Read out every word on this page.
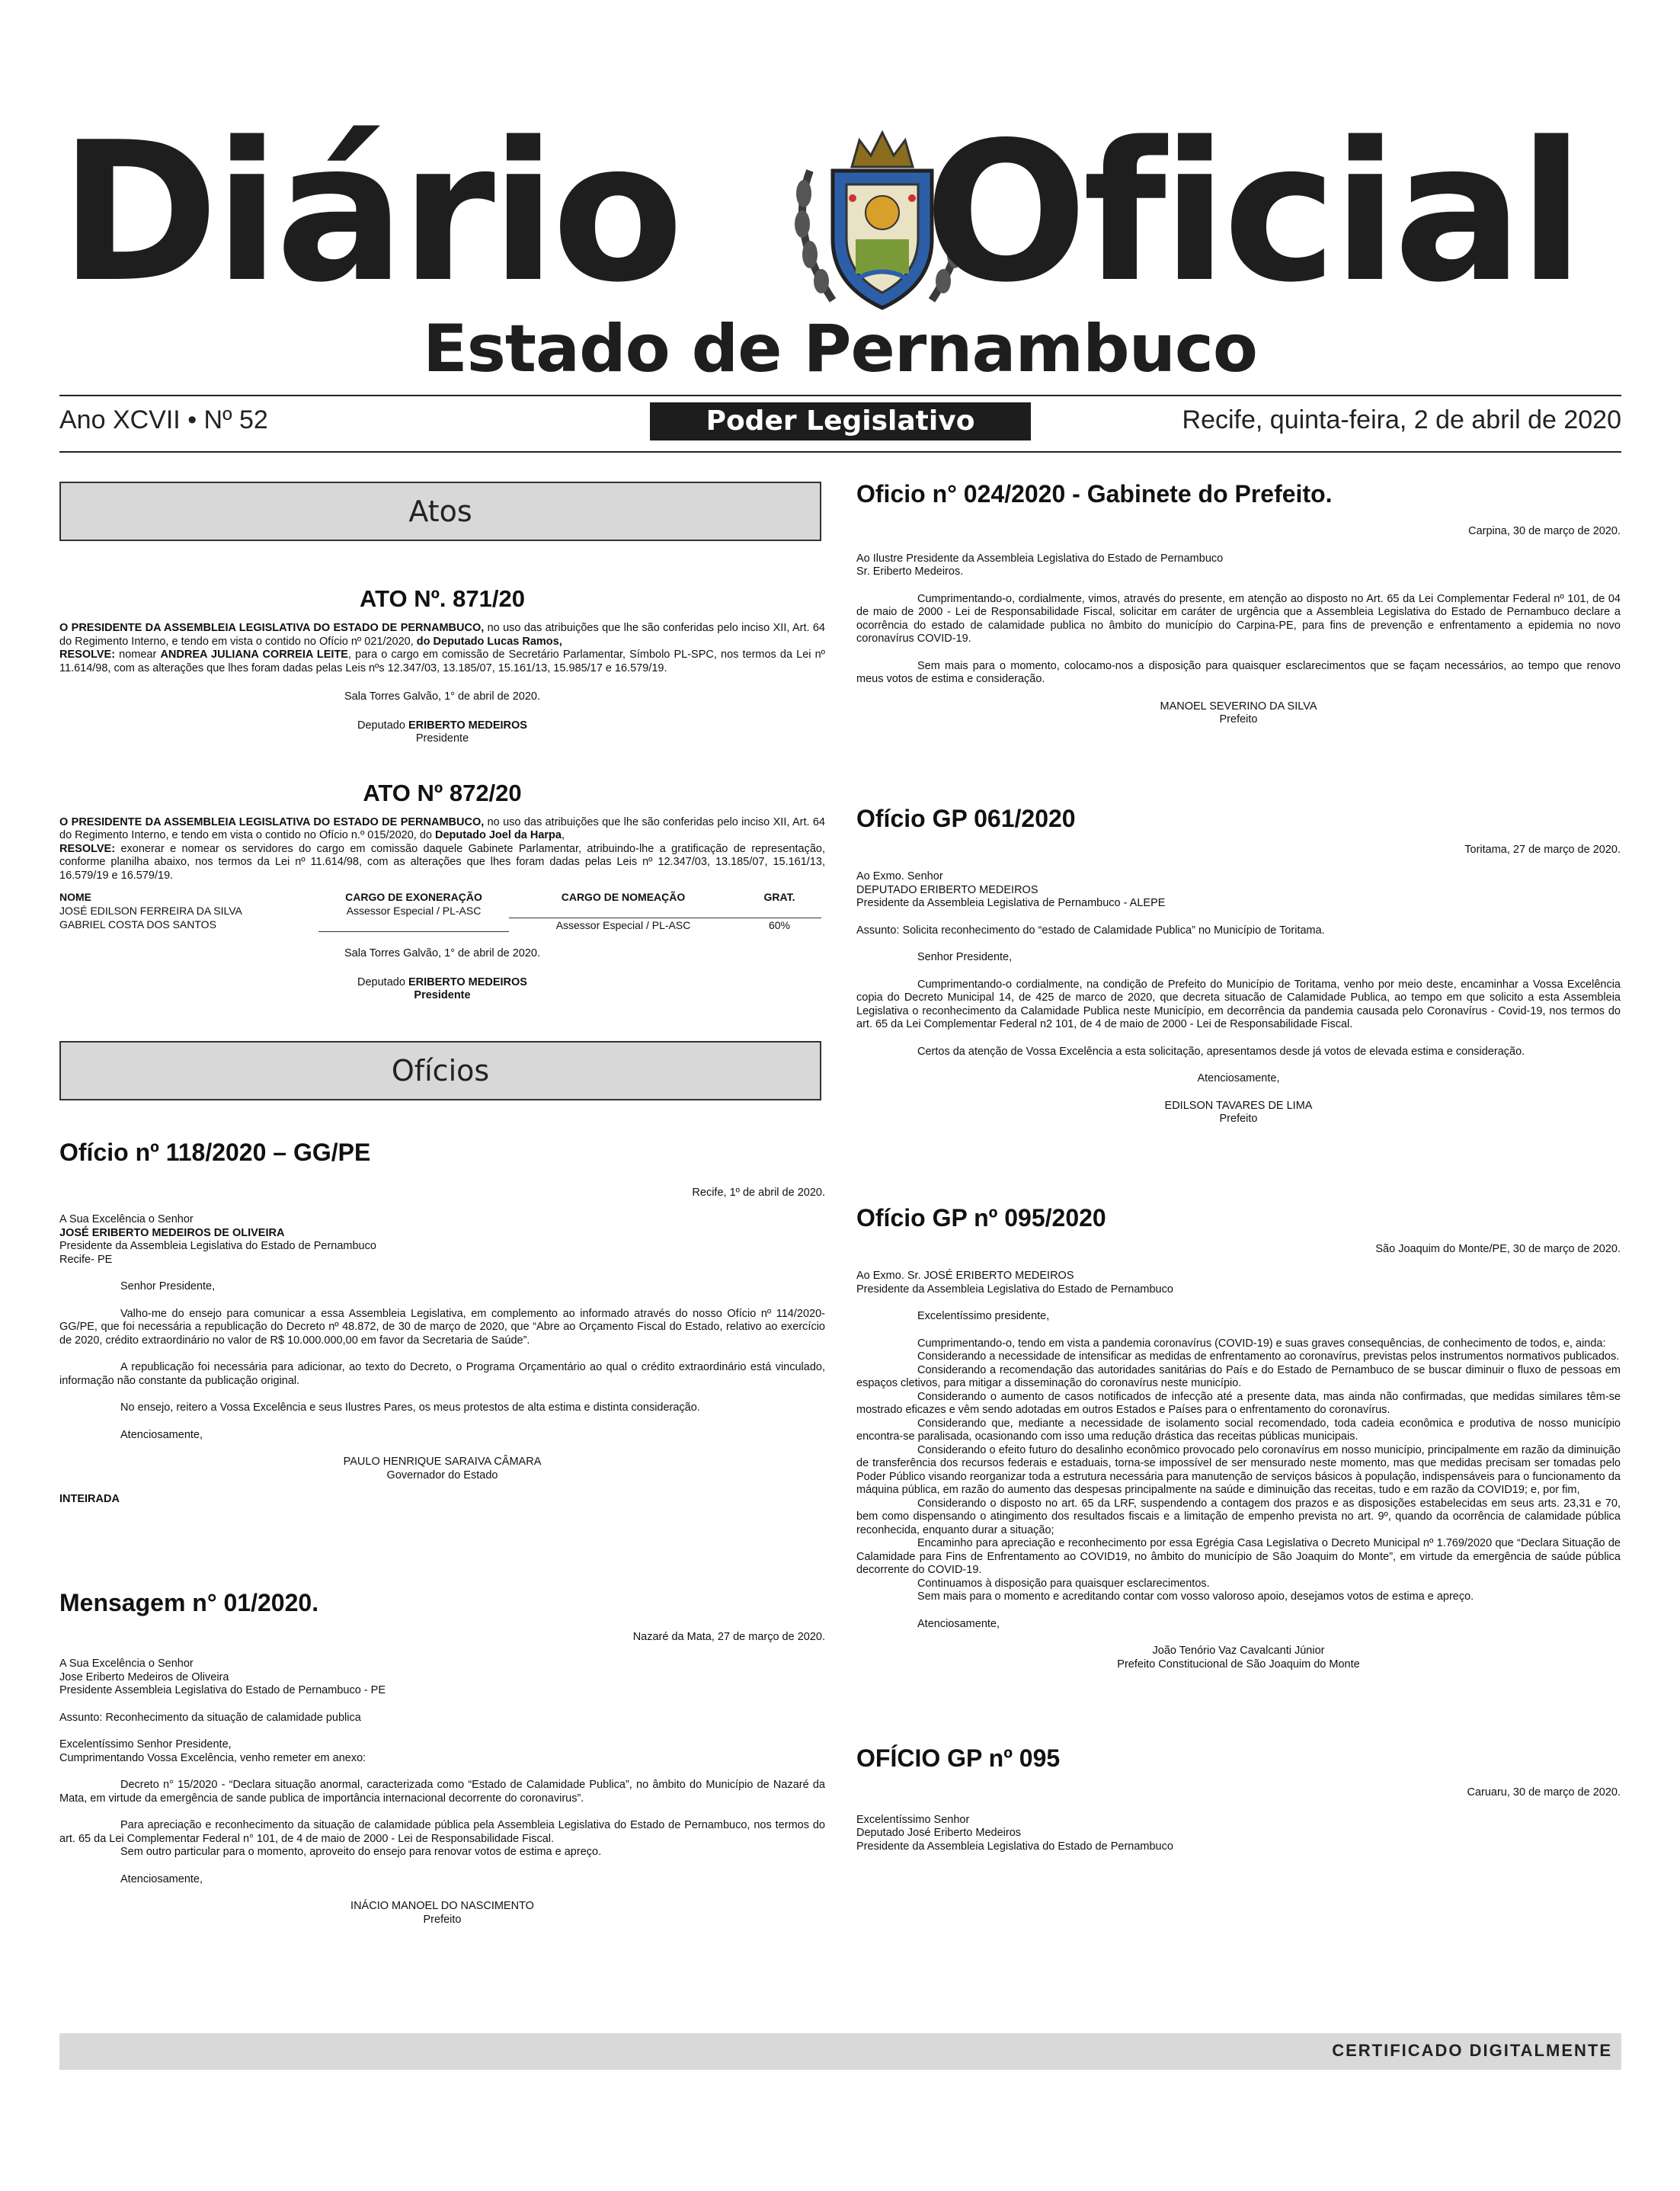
Diário Oficial
Estado de Pernambuco
Ano XCVII • Nº 52	Poder Legislativo	Recife, quinta-feira, 2 de abril de 2020
Atos
ATO Nº. 871/20

O PRESIDENTE DA ASSEMBLEIA LEGISLATIVA DO ESTADO DE PERNAMBUCO, no uso das atribuições que lhe são conferidas pelo inciso XII, Art. 64 do Regimento Interno, e tendo em vista o contido no Ofício nº 021/2020, do Deputado Lucas Ramos,

RESOLVE: nomear ANDREA JULIANA CORREIA LEITE, para o cargo em comissão de Secretário Parlamentar, Símbolo PL-SPC, nos termos da Lei nº 11.614/98, com as alterações que lhes foram dadas pelas Leis nºs 12.347/03, 13.185/07, 15.161/13, 15.985/17 e 16.579/19.

Sala Torres Galvão, 1° de abril de 2020.

Deputado ERIBERTO MEDEIROS

Presidente

ATO Nº 872/20

O PRESIDENTE DA ASSEMBLEIA LEGISLATIVA DO ESTADO DE PERNAMBUCO, no uso das atribuições que lhe são conferidas pelo inciso XII, Art. 64 do Regimento Interno, e tendo em vista o contido no Ofício n.º 015/2020, do Deputado Joel da Harpa,

RESOLVE: exonerar e nomear os servidores do cargo em comissão daquele Gabinete Parlamentar, atribuindo-lhe a gratificação de representação, conforme planilha abaixo, nos termos da Lei nº 11.614/98, com as alterações que lhes foram dadas pelas Leis nº 12.347/03, 13.185/07, 15.161/13, 16.579/19 e 16.579/19.

NOME	CARGO DE EXONERAÇÃO	CARGO DE NOMEAÇÃO	GRAT.
JOSÉ EDILSON FERREIRA DA SILVA	Assessor Especial / PL-ASC		
GABRIEL COSTA DOS SANTOS		Assessor Especial / PL-ASC	60%

Sala Torres Galvão, 1° de abril de 2020.

Deputado ERIBERTO MEDEIROS

Presidente

Ofícios
Ofício nº 118/2020 – GG/PE

Recife, 1º de abril de 2020.

A Sua Excelência o Senhor

JOSÉ ERIBERTO MEDEIROS DE OLIVEIRA

Presidente da Assembleia Legislativa do Estado de Pernambuco

Recife- PE

Senhor Presidente,

Valho-me do ensejo para comunicar a essa Assembleia Legislativa, em complemento ao informado através do nosso Ofício nº 114/2020-GG/PE, que foi necessária a republicação do Decreto nº 48.872, de 30 de março de 2020, que “Abre ao Orçamento Fiscal do Estado, relativo ao exercício de 2020, crédito extraordinário no valor de R$ 10.000.000,00 em favor da Secretaria de Saúde”.

A republicação foi necessária para adicionar, ao texto do Decreto, o Programa Orçamentário ao qual o crédito extraordinário está vinculado, informação não constante da publicação original.

No ensejo, reitero a Vossa Excelência e seus Ilustres Pares, os meus protestos de alta estima e distinta consideração.

Atenciosamente,

PAULO HENRIQUE SARAIVA CÂMARA

Governador do Estado

INTEIRADA

Mensagem n° 01/2020.

Nazaré da Mata, 27 de março de 2020.

A Sua Excelência o Senhor

Jose Eriberto Medeiros de Oliveira

Presidente Assembleia Legislativa do Estado de Pernambuco - PE

Assunto: Reconhecimento da situação de calamidade publica

Excelentíssimo Senhor Presidente,

Cumprimentando Vossa Excelência, venho remeter em anexo:

Decreto n° 15/2020 - “Declara situação anormal, caracterizada como “Estado de Calamidade Publica”, no âmbito do Município de Nazaré da Mata, em virtude da emergência de sande publica de importância internacional decorrente do coronavirus”.

Para apreciação e reconhecimento da situação de calamidade pública pela Assembleia Legislativa do Estado de Pernambuco, nos termos do art. 65 da Lei Complementar Federal n° 101, de 4 de maio de 2000 - Lei de Responsabilidade Fiscal.

Sem outro particular para o momento, aproveito do ensejo para renovar votos de estima e apreço.

Atenciosamente,

INÁCIO MANOEL DO NASCIMENTO

Prefeito

Oficio n° 024/2020 - Gabinete do Prefeito.

Carpina, 30 de março de 2020.

Ao Ilustre Presidente da Assembleia Legislativa do Estado de Pernambuco

Sr. Eriberto Medeiros.

Cumprimentando-o, cordialmente, vimos, através do presente, em atenção ao disposto no Art. 65 da Lei Complementar Federal nº 101, de 04 de maio de 2000 - Lei de Responsabilidade Fiscal, solicitar em caráter de urgência que a Assembleia Legislativa do Estado de Pernambuco declare a ocorrência do estado de calamidade publica no âmbito do município do Carpina-PE, para fins de prevenção e enfrentamento a epidemia no novo coronavírus COVID-19.

Sem mais para o momento, colocamo-nos a disposição para quaisquer esclarecimentos que se façam necessários, ao tempo que renovo meus votos de estima e consideração.

MANOEL SEVERINO DA SILVA

Prefeito

Ofício GP 061/2020

Toritama, 27 de março de 2020.

Ao Exmo. Senhor

DEPUTADO ERIBERTO MEDEIROS

Presidente da Assembleia Legislativa de Pernambuco - ALEPE

Assunto: Solicita reconhecimento do “estado de Calamidade Publica” no Município de Toritama.

Senhor Presidente,

Cumprimentando-o cordialmente, na condição de Prefeito do Município de Toritama, venho por meio deste, encaminhar a Vossa Excelência copia do Decreto Municipal 14, de 425 de marco de 2020, que decreta situacão de Calamidade Publica, ao tempo em que solicito a esta Assembleia Legislativa o reconhecimento da Calamidade Publica neste Município, em decorrência da pandemia causada pelo Coronavírus - Covid-19, nos termos do art. 65 da Lei Complementar Federal n2 101, de 4 de maio de 2000 - Lei de Responsabilidade Fiscal.

Certos da atenção de Vossa Excelência a esta solicitação, apresentamos desde já votos de elevada estima e consideração.

Atenciosamente,

EDILSON TAVARES DE LIMA

Prefeito

Ofício GP nº 095/2020

São Joaquim do Monte/PE, 30 de março de 2020.

Ao Exmo. Sr. JOSÉ ERIBERTO MEDEIROS

Presidente da Assembleia Legislativa do Estado de Pernambuco

Excelentíssimo presidente,

Cumprimentando-o, tendo em vista a pandemia coronavírus (COVID-19) e suas graves consequências, de conhecimento de todos, e, ainda:

Considerando a necessidade de intensificar as medidas de enfrentamento ao coronavírus, previstas pelos instrumentos normativos publicados.

Considerando a recomendação das autoridades sanitárias do País e do Estado de Pernambuco de se buscar diminuir o fluxo de pessoas em espaços cletivos, para mitigar a disseminação do coronavírus neste município.

Considerando o aumento de casos notificados de infecção até a presente data, mas ainda não confirmadas, que medidas similares têm-se mostrado eficazes e vêm sendo adotadas em outros Estados e Países para o enfrentamento do coronavírus.

Considerando que, mediante a necessidade de isolamento social recomendado, toda cadeia econômica e produtiva de nosso município encontra-se paralisada, ocasionando com isso uma redução drástica das receitas públicas municipais.

Considerando o efeito futuro do desalinho econômico provocado pelo coronavírus em nosso município, principalmente em razão da diminuição de transferência dos recursos federais e estaduais, torna-se impossível de ser mensurado neste momento, mas que medidas precisam ser tomadas pelo Poder Público visando reorganizar toda a estrutura necessária para manutenção de serviços básicos à população, indispensáveis para o funcionamento da máquina pública, em razão do aumento das despesas principalmente na saúde e diminuição das receitas, tudo e em razão da COVID19; e, por fim,

Considerando o disposto no art. 65 da LRF, suspendendo a contagem dos prazos e as disposições estabelecidas em seus arts. 23,31 e 70, bem como dispensando o atingimento dos resultados fiscais e a limitação de empenho prevista no art. 9º, quando da ocorrência de calamidade pública reconhecida, enquanto durar a situação;

Encaminho para apreciação e reconhecimento por essa Egrégia Casa Legislativa o Decreto Municipal nº 1.769/2020 que “Declara Situação de Calamidade para Fins de Enfrentamento ao COVID19, no âmbito do município de São Joaquim do Monte”, em virtude da emergência de saúde pública decorrente do COVID-19.

Continuamos à disposição para quaisquer esclarecimentos.

Sem mais para o momento e acreditando contar com vosso valoroso apoio, desejamos votos de estima e apreço.

Atenciosamente,

João Tenório Vaz Cavalcanti Júnior

Prefeito Constitucional de São Joaquim do Monte

OFÍCIO GP nº 095

Caruaru, 30 de março de 2020.

Excelentíssimo Senhor

Deputado José Eriberto Medeiros

Presidente da Assembleia Legislativa do Estado de Pernambuco

CERTIFICADO DIGITALMENTE
